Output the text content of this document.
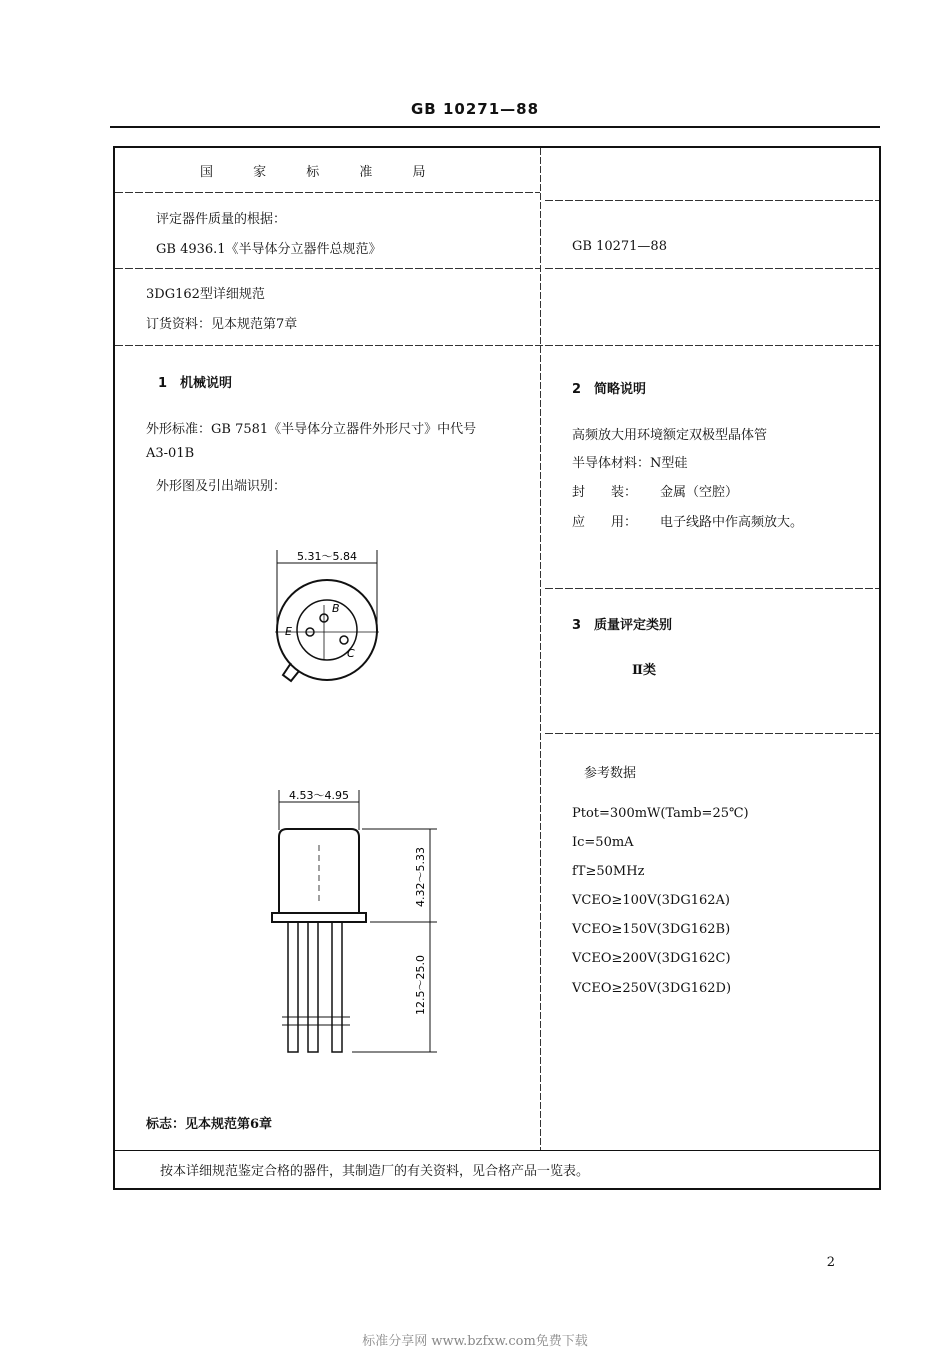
GB 10271—88
国 家 标 准 局
评定器件质量的根据：
GB 4936.1《半导体分立器件总规范》
3DG162型详细规范
订货资料：见本规范第7章
1　机械说明
外形标准：GB 7581《半导体分立器件外形尺寸》中代号
A3-01B
外形图及引出端识别：
5.31～5.84
B
E
C
4.53～4.95
4.32～5.33
12.5～25.0
标志：见本规范第6章
按本详细规范鉴定合格的器件，其制造厂的有关资料，见合格产品一览表。
GB 10271—88
2　简略说明
高频放大用环境额定双极型晶体管
半导体材料：N型硅
封　　装： 金属（空腔）
应　　用： 电子线路中作高频放大。
3　质量评定类别
Ⅱ类
参考数据
Ptot=300mW(Tamb=25℃)
Ic=50mA
fT≥50MHz
VCEO≥100V(3DG162A)
VCEO≥150V(3DG162B)
VCEO≥200V(3DG162C)
VCEO≥250V(3DG162D)
2
标准分享网 www.bzfxw.com免费下载
